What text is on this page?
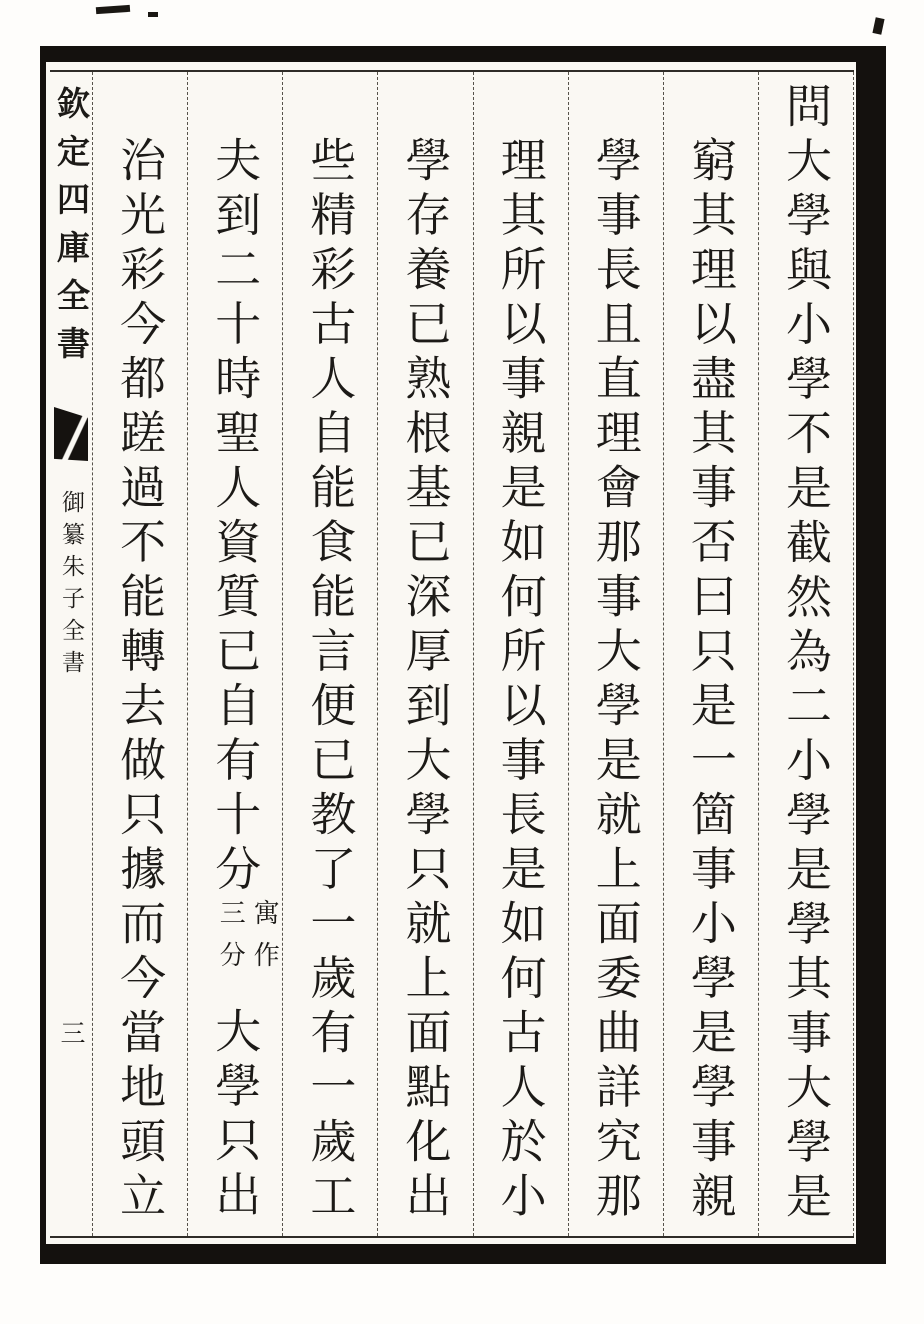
欽定四庫全書  御纂朱子全書
三 治光彩今都蹉過不能轉去做只據而今當地頭立 夫到二十時聖人資質已自有十分
寓作
三分
大學只出 些精彩古人自能食能言便已教了一歲有一歲工 學存養已熟根基已深厚到大學只就上面點化出 理其所以事親是如何所以事長是如何古人於小 學事長且直理會那事大學是就上面委曲詳究那 窮其理以盡其事否曰只是一箇事小學是學事親 問大學與小學不是截然為二小學是學其事大學是
